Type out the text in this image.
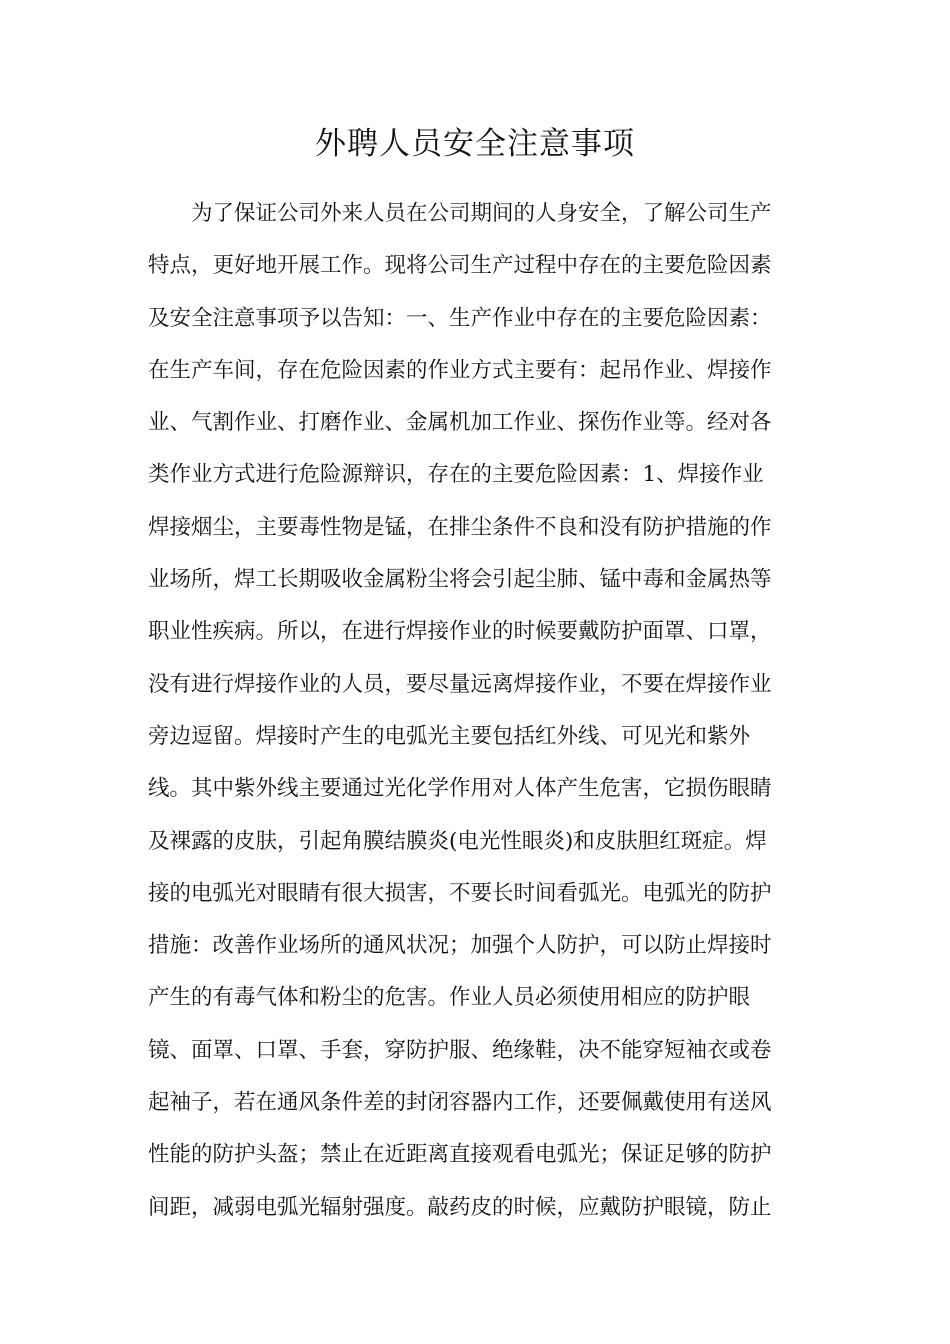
外聘人员安全注意事项
　　为了保证公司外来人员在公司期间的人身安全，了解公司生产
特点，更好地开展工作。现将公司生产过程中存在的主要危险因素
及安全注意事项予以告知：一、生产作业中存在的主要危险因素：
在生产车间，存在危险因素的作业方式主要有：起吊作业、焊接作
业、气割作业、打磨作业、金属机加工作业、探伤作业等。经对各
类作业方式进行危险源辩识，存在的主要危险因素：1、焊接作业
焊接烟尘，主要毒性物是锰，在排尘条件不良和没有防护措施的作
业场所，焊工长期吸收金属粉尘将会引起尘肺、锰中毒和金属热等
职业性疾病。所以，在进行焊接作业的时候要戴防护面罩、口罩，
没有进行焊接作业的人员，要尽量远离焊接作业，不要在焊接作业
旁边逗留。焊接时产生的电弧光主要包括红外线、可见光和紫外
线。其中紫外线主要通过光化学作用对人体产生危害，它损伤眼睛
及裸露的皮肤，引起角膜结膜炎(电光性眼炎)和皮肤胆红斑症。焊
接的电弧光对眼睛有很大损害，不要长时间看弧光。电弧光的防护
措施：改善作业场所的通风状况；加强个人防护，可以防止焊接时
产生的有毒气体和粉尘的危害。作业人员必须使用相应的防护眼
镜、面罩、口罩、手套，穿防护服、绝缘鞋，决不能穿短袖衣或卷
起袖子，若在通风条件差的封闭容器内工作，还要佩戴使用有送风
性能的防护头盔；禁止在近距离直接观看电弧光；保证足够的防护
间距，减弱电弧光辐射强度。敲药皮的时候，应戴防护眼镜，防止
